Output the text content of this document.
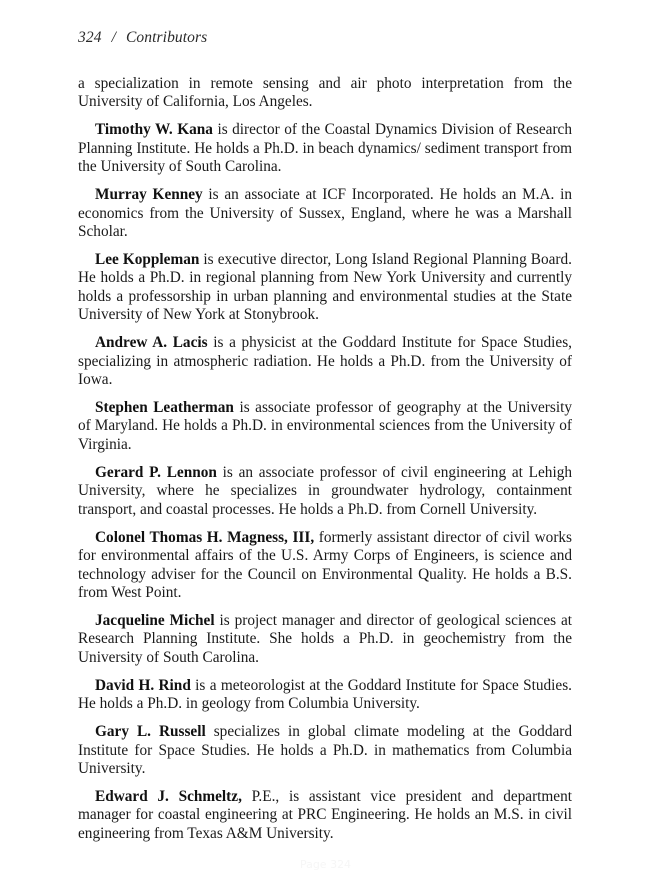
324 / Contributors

a specialization in remote sensing and air photo interpretation from the University of California, Los Angeles.

Timothy W. Kana is director of the Coastal Dynamics Division of Research Planning Institute. He holds a Ph.D. in beach dynamics/ sediment transport from the University of South Carolina.

Murray Kenney is an associate at ICF Incorporated. He holds an M.A. in economics from the University of Sussex, England, where he was a Marshall Scholar.

Lee Koppleman is executive director, Long Island Regional Planning Board. He holds a Ph.D. in regional planning from New York University and currently holds a professorship in urban planning and environmental studies at the State University of New York at Stonybrook.

Andrew A. Lacis is a physicist at the Goddard Institute for Space Studies, specializing in atmospheric radiation. He holds a Ph.D. from the University of Iowa.

Stephen Leatherman is associate professor of geography at the University of Maryland. He holds a Ph.D. in environmental sciences from the University of Virginia.

Gerard P. Lennon is an associate professor of civil engineering at Lehigh University, where he specializes in groundwater hydrology, containment transport, and coastal processes. He holds a Ph.D. from Cornell University.

Colonel Thomas H. Magness, III, formerly assistant director of civil works for environmental affairs of the U.S. Army Corps of Engineers, is science and technology adviser for the Council on Environmental Quality. He holds a B.S. from West Point.

Jacqueline Michel is project manager and director of geological sciences at Research Planning Institute. She holds a Ph.D. in geochemistry from the University of South Carolina.

David H. Rind is a meteorologist at the Goddard Institute for Space Studies. He holds a Ph.D. in geology from Columbia University.

Gary L. Russell specializes in global climate modeling at the Goddard Institute for Space Studies. He holds a Ph.D. in mathematics from Columbia University.

Edward J. Schmeltz, P.E., is assistant vice president and department manager for coastal engineering at PRC Engineering. He holds an M.S. in civil engineering from Texas A&M University.

Page 324
